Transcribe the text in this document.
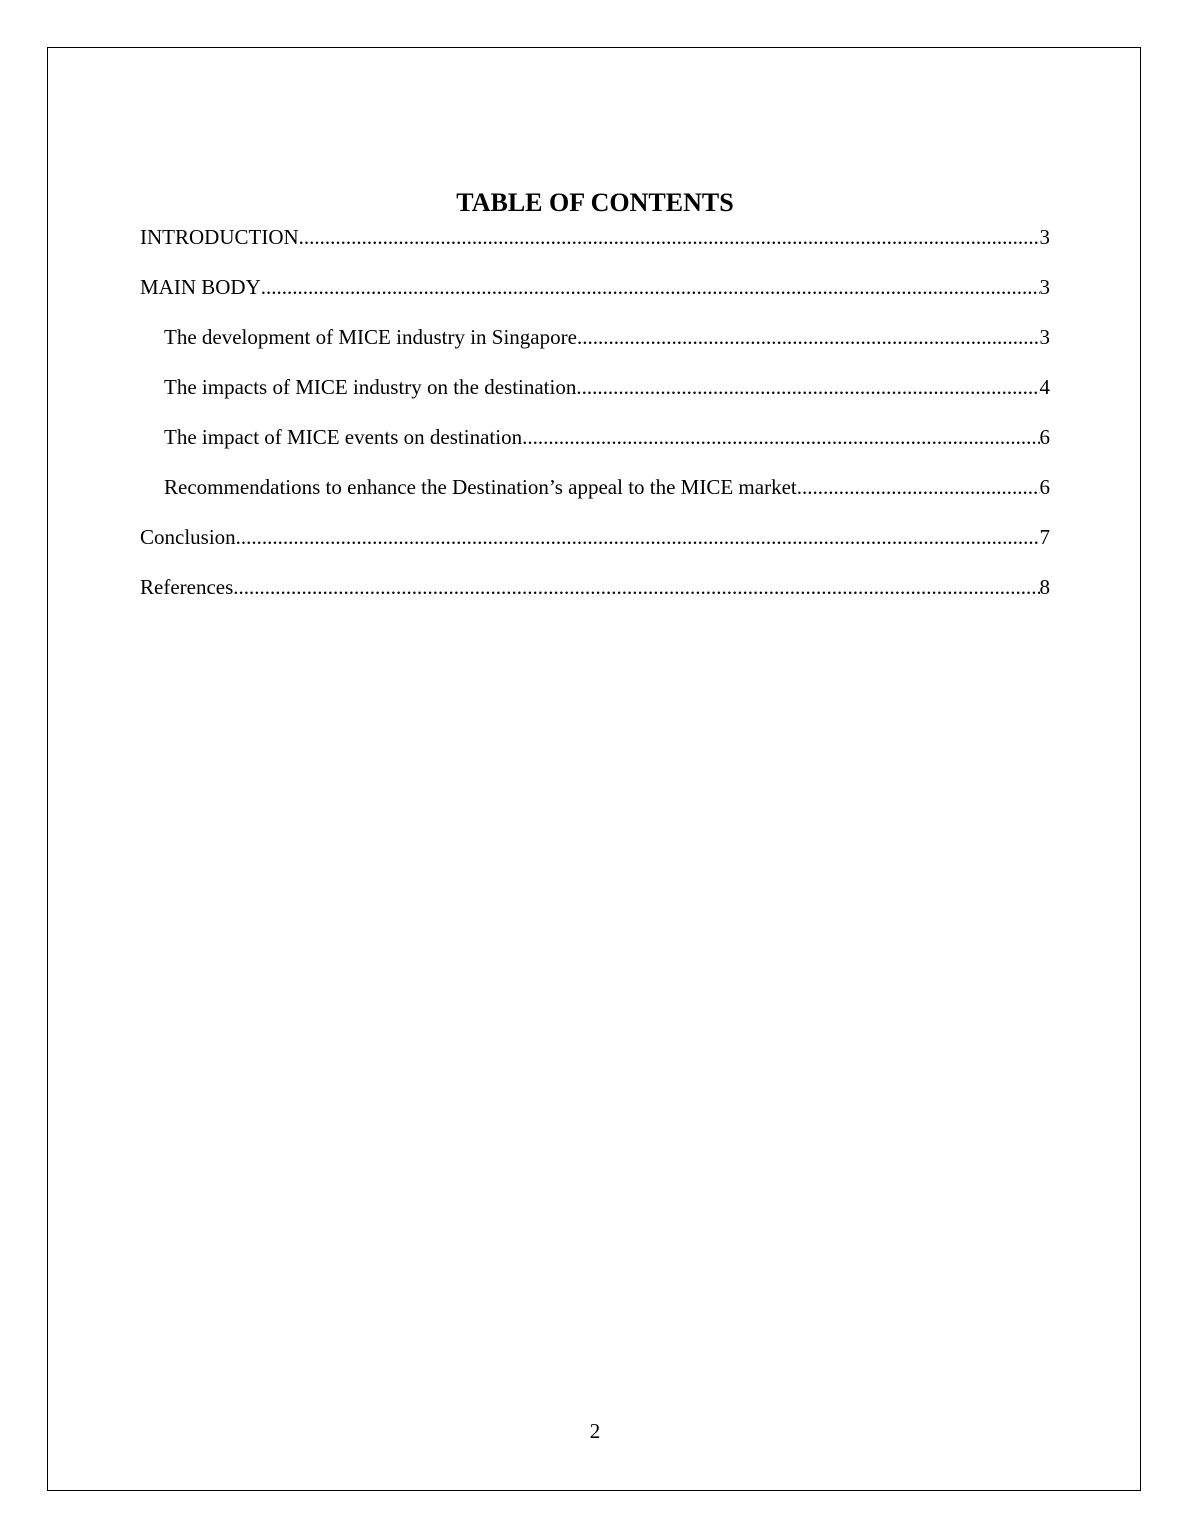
TABLE OF CONTENTS
INTRODUCTION .....	3
MAIN BODY .....	3
The development of MICE industry in Singapore .....	3
The impacts of MICE industry on the destination .....	4
The impact of MICE events on destination .....	6
Recommendations to enhance the Destination’s appeal to the MICE market .....	6
Conclusion .....	7
References .....	8
2
